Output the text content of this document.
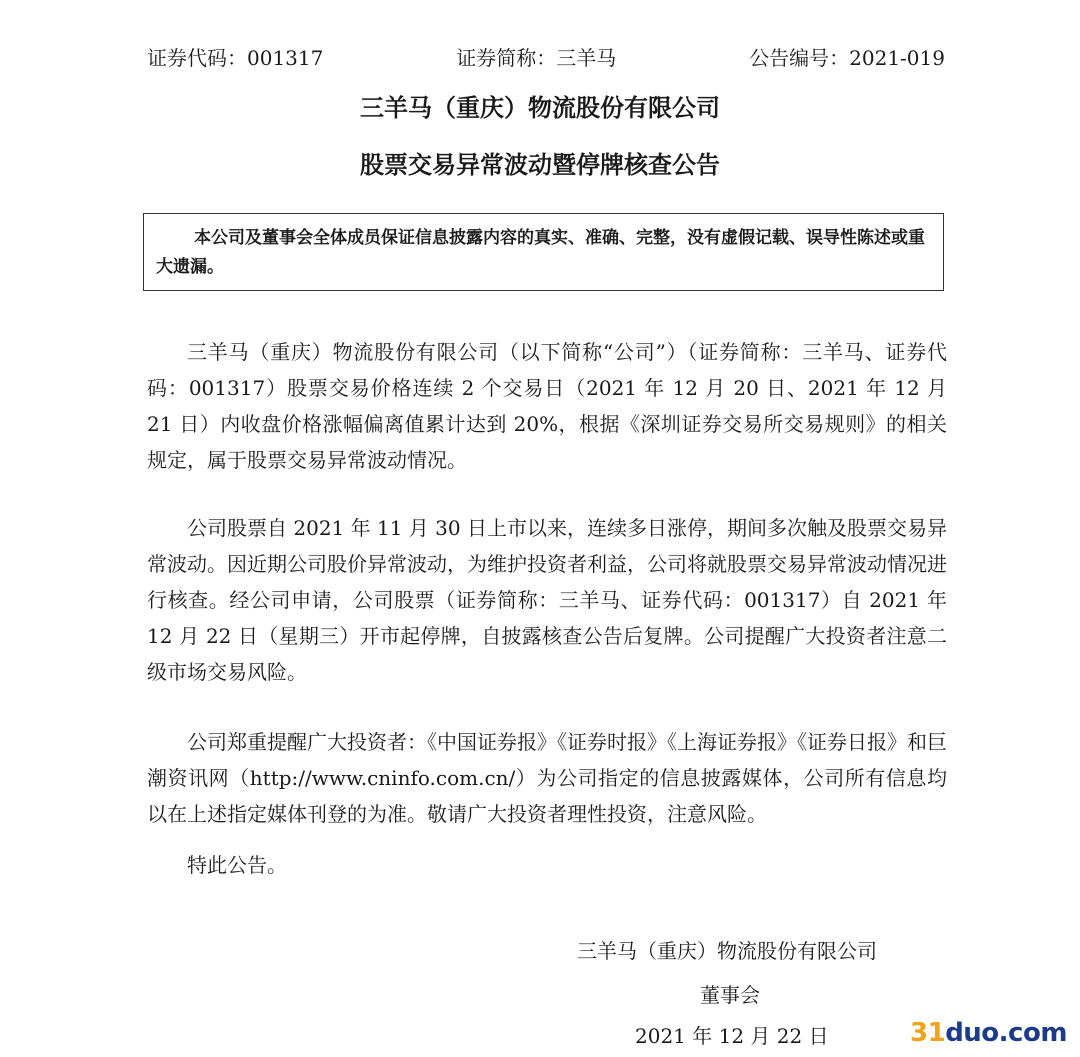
证券代码：001317	证券简称：三羊马	公告编号：2021-019
三羊马（重庆）物流股份有限公司
股票交易异常波动暨停牌核查公告
本公司及董事会全体成员保证信息披露内容的真实、准确、完整，没有虚假记载、误导性陈述或重大遗漏。

三羊马（重庆）物流股份有限公司（以下简称“公司”）（证券简称：三羊马、证券代码：001317）股票交易价格连续 2 个交易日（2021 年 12 月 20 日、2021 年 12 月 21 日）内收盘价格涨幅偏离值累计达到 20%，根据《深圳证券交易所交易规则》的相关规定，属于股票交易异常波动情况。

公司股票自 2021 年 11 月 30 日上市以来，连续多日涨停，期间多次触及股票交易异常波动。因近期公司股价异常波动，为维护投资者利益，公司将就股票交易异常波动情况进行核查。经公司申请，公司股票（证券简称：三羊马、证券代码：001317）自 2021 年 12 月 22 日（星期三）开市起停牌，自披露核查公告后复牌。公司提醒广大投资者注意二级市场交易风险。

公司郑重提醒广大投资者：《中国证券报》《证券时报》《上海证券报》《证券日报》和巨潮资讯网（http://www.cninfo.com.cn/）为公司指定的信息披露媒体，公司所有信息均以在上述指定媒体刊登的为准。敬请广大投资者理性投资，注意风险。

特此公告。

三羊马（重庆）物流股份有限公司
董事会
2021 年 12 月 22 日	31duo.com
